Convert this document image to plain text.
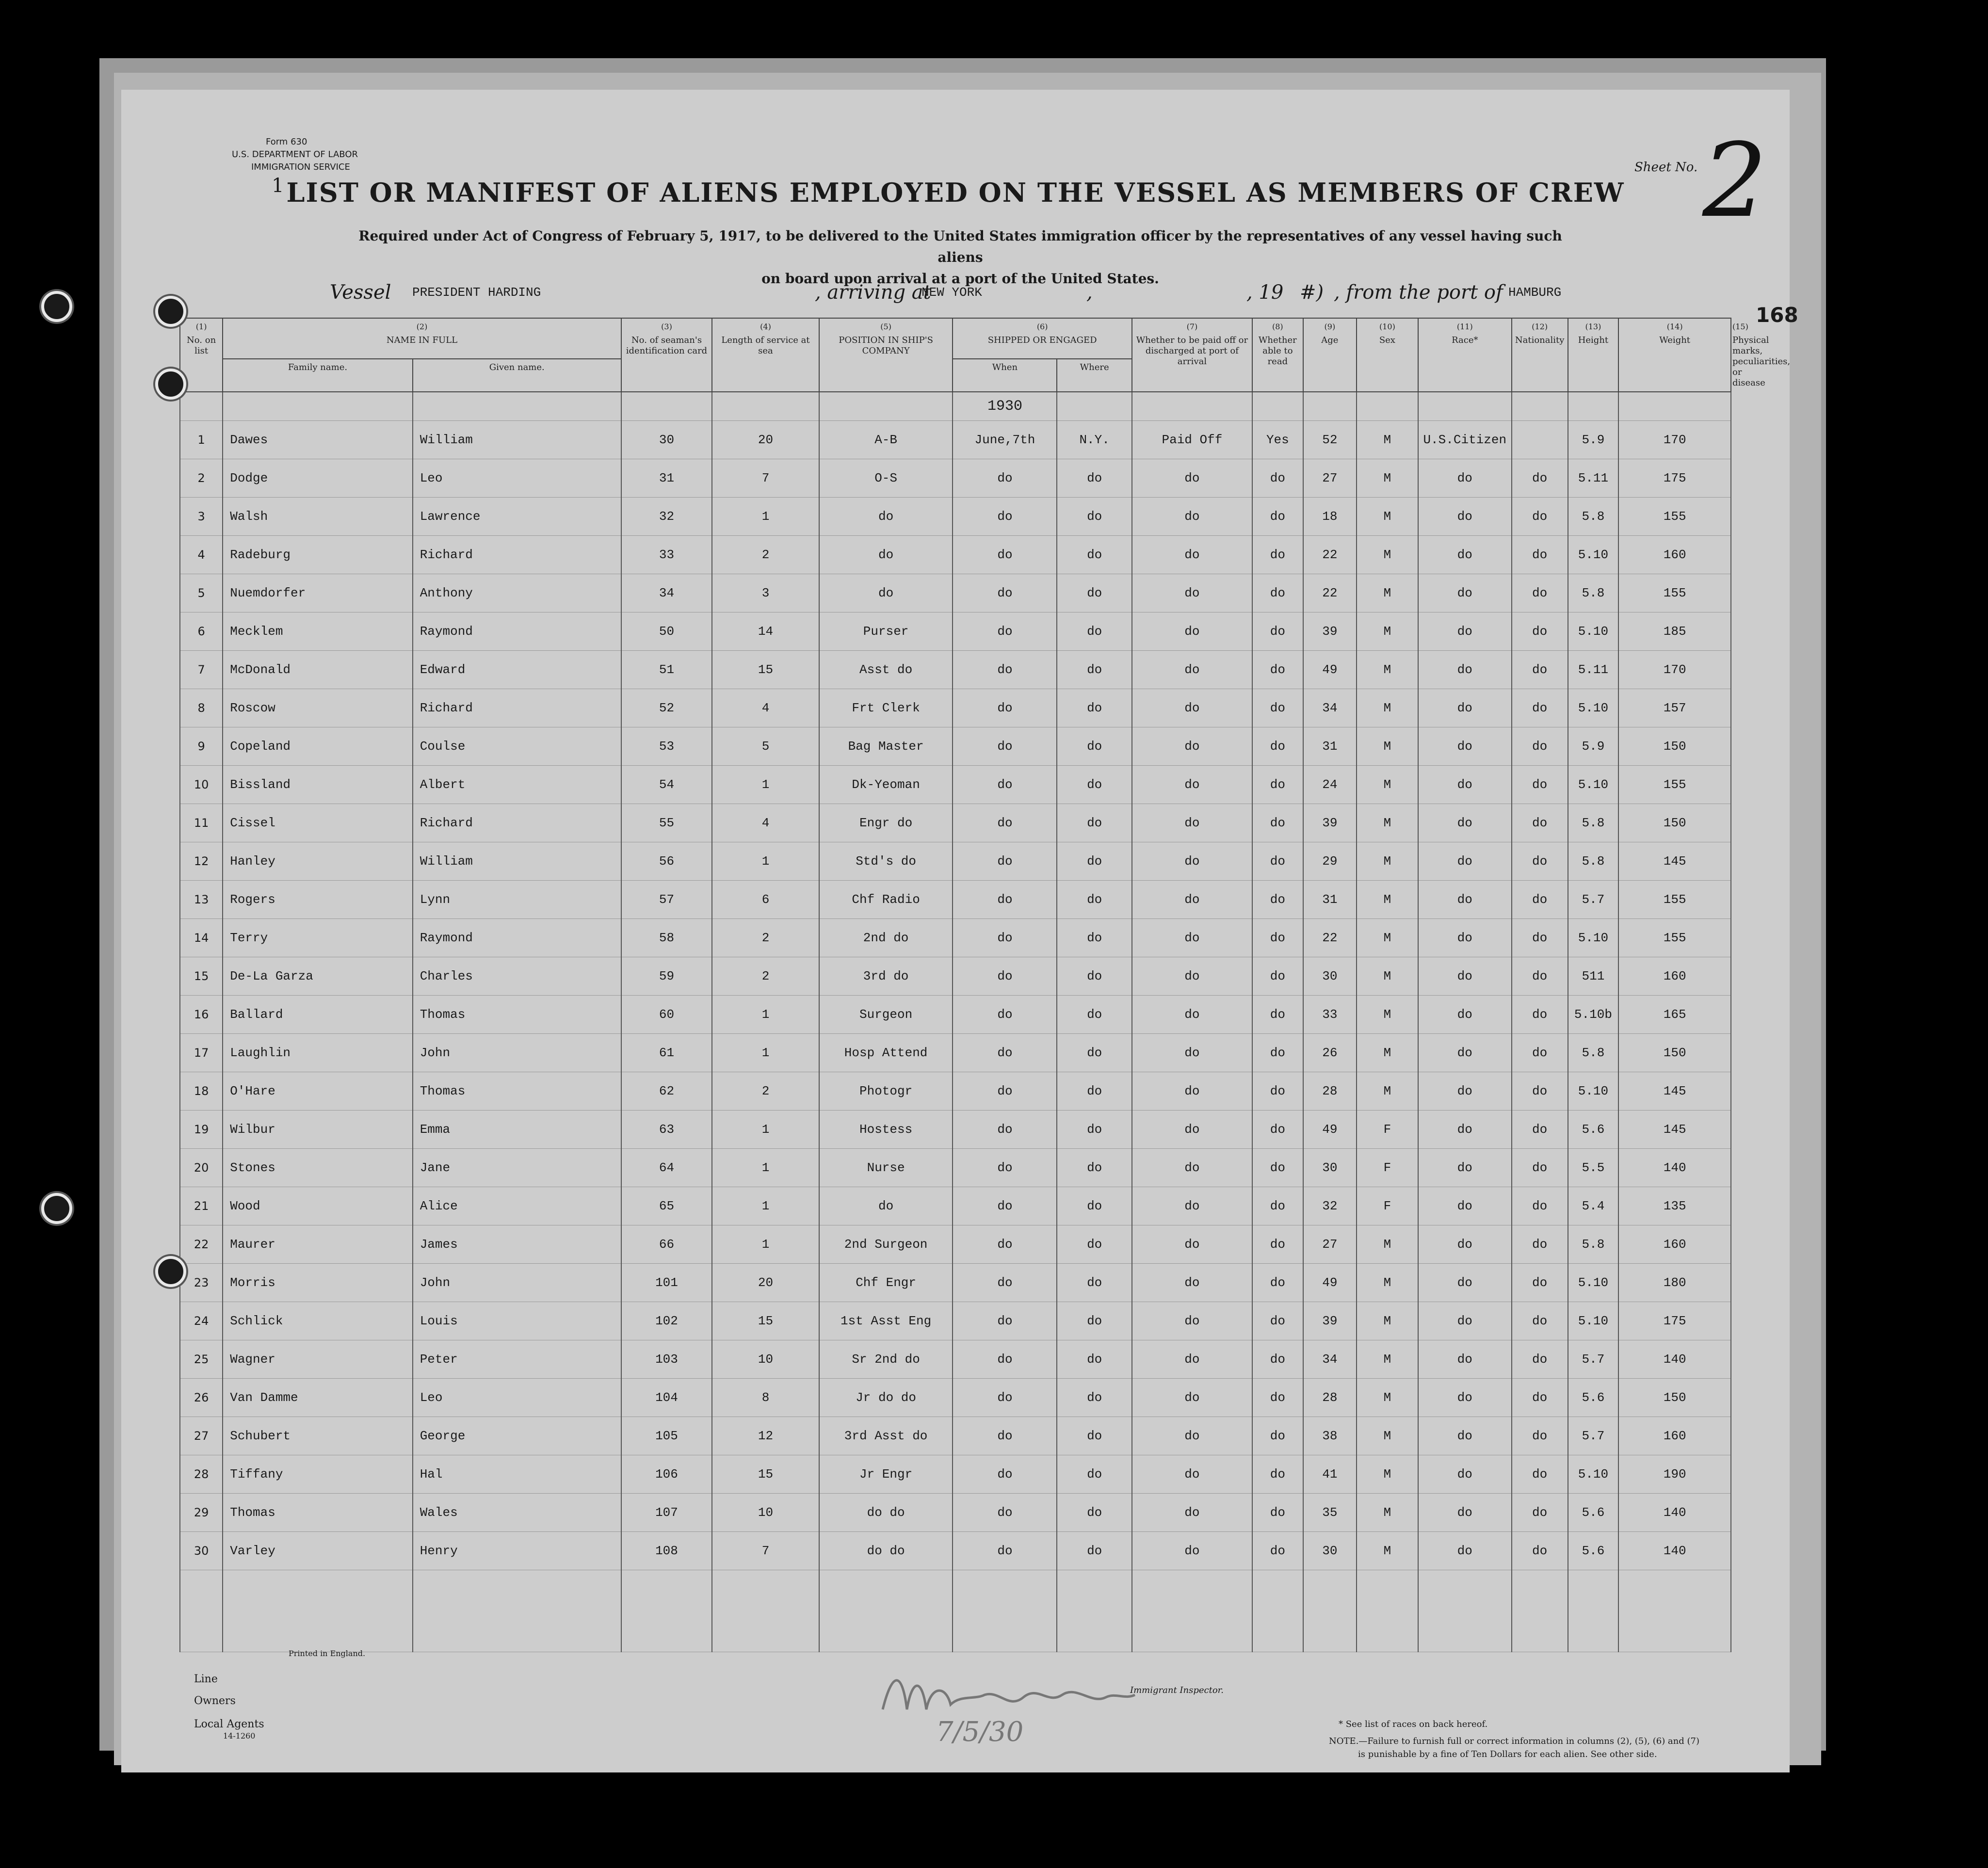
Form 630
U.S. DEPARTMENT OF LABOR
IMMIGRATION SERVICE
1
Sheet No. 2
LIST OR MANIFEST OF ALIENS EMPLOYED ON THE VESSEL AS MEMBERS OF CREW
Required under Act of Congress of February 5, 1917, to be delivered to the United States immigration officer by the representatives of any vessel having such aliens
on board upon arrival at a port of the United States.
Vessel PRESIDENT HARDING	, arriving at
NEW YORK	,	, 19 #) , from the port of HAMBURG
168
(1)
No. on list	(2)
NAME IN FULL		(3)
No. of seaman's identification card	(4)
Length of service at sea	(5)
POSITION IN SHIP'S COMPANY	(6)
SHIPPED OR ENGAGED		(7)
Whether to be paid off or discharged at port of arrival	(8)
Whether able to read	(9)
Age	(10)
Sex	(11)
Race*	(12)
Nationality	(13)
Height	(14)
Weight	(15)
Physical marks, peculiarities, or disease
	Family name.	Given name.				When	Where									
						1930										
1	Dawes	William	30	20	A-B	June,7th	N.Y.	Paid Off	Yes	52	M	U.S.Citizen		5.9	170	
2	Dodge	Leo	31	7	O-S	do	do	do	do	27	M	do	do	5.11	175	
3	Walsh	Lawrence	32	1	do	do	do	do	do	18	M	do	do	5.8	155	
4	Radeburg	Richard	33	2	do	do	do	do	do	22	M	do	do	5.10	160	
5	Nuemdorfer	Anthony	34	3	do	do	do	do	do	22	M	do	do	5.8	155	
6	Mecklem	Raymond	50	14	Purser	do	do	do	do	39	M	do	do	5.10	185	
7	McDonald	Edward	51	15	Asst do	do	do	do	do	49	M	do	do	5.11	170	
8	Roscow	Richard	52	4	Frt Clerk	do	do	do	do	34	M	do	do	5.10	157	
9	Copeland	Coulse	53	5	Bag Master	do	do	do	do	31	M	do	do	5.9	150	
10	Bissland	Albert	54	1	Dk-Yeoman	do	do	do	do	24	M	do	do	5.10	155	
11	Cissel	Richard	55	4	Engr do	do	do	do	do	39	M	do	do	5.8	150	
12	Hanley	William	56	1	Std's do	do	do	do	do	29	M	do	do	5.8	145	
13	Rogers	Lynn	57	6	Chf Radio	do	do	do	do	31	M	do	do	5.7	155	
14	Terry	Raymond	58	2	2nd do	do	do	do	do	22	M	do	do	5.10	155	
15	De-La Garza	Charles	59	2	3rd do	do	do	do	do	30	M	do	do	511	160	
16	Ballard	Thomas	60	1	Surgeon	do	do	do	do	33	M	do	do	5.10b	165	
17	Laughlin	John	61	1	Hosp Attend	do	do	do	do	26	M	do	do	5.8	150	
18	O'Hare	Thomas	62	2	Photogr	do	do	do	do	28	M	do	do	5.10	145	
19	Wilbur	Emma	63	1	Hostess	do	do	do	do	49	F	do	do	5.6	145	
20	Stones	Jane	64	1	Nurse	do	do	do	do	30	F	do	do	5.5	140	
21	Wood	Alice	65	1	do	do	do	do	do	32	F	do	do	5.4	135	
22	Maurer	James	66	1	2nd Surgeon	do	do	do	do	27	M	do	do	5.8	160	
23	Morris	John	101	20	Chf Engr	do	do	do	do	49	M	do	do	5.10	180	
24	Schlick	Louis	102	15	1st Asst Eng	do	do	do	do	39	M	do	do	5.10	175	
25	Wagner	Peter	103	10	Sr 2nd do	do	do	do	do	34	M	do	do	5.7	140	
26	Van Damme	Leo	104	8	Jr do do	do	do	do	do	28	M	do	do	5.6	150	
27	Schubert	George	105	12	3rd Asst do	do	do	do	do	38	M	do	do	5.7	160	
28	Tiffany	Hal	106	15	Jr Engr	do	do	do	do	41	M	do	do	5.10	190	
29	Thomas	Wales	107	10	do do	do	do	do	do	35	M	do	do	5.6	140	
30	Varley	Henry	108	7	do do	do	do	do	do	30	M	do	do	5.6	140	

Printed in England.
Line
Owners
Local Agents
14-1260	7/5/30
Immigrant Inspector.
* See list of races on back hereof.
NOTE.—Failure to furnish full or correct information in columns (2), (5), (6) and (7)
is punishable by a fine of Ten Dollars for each alien. See other side.
